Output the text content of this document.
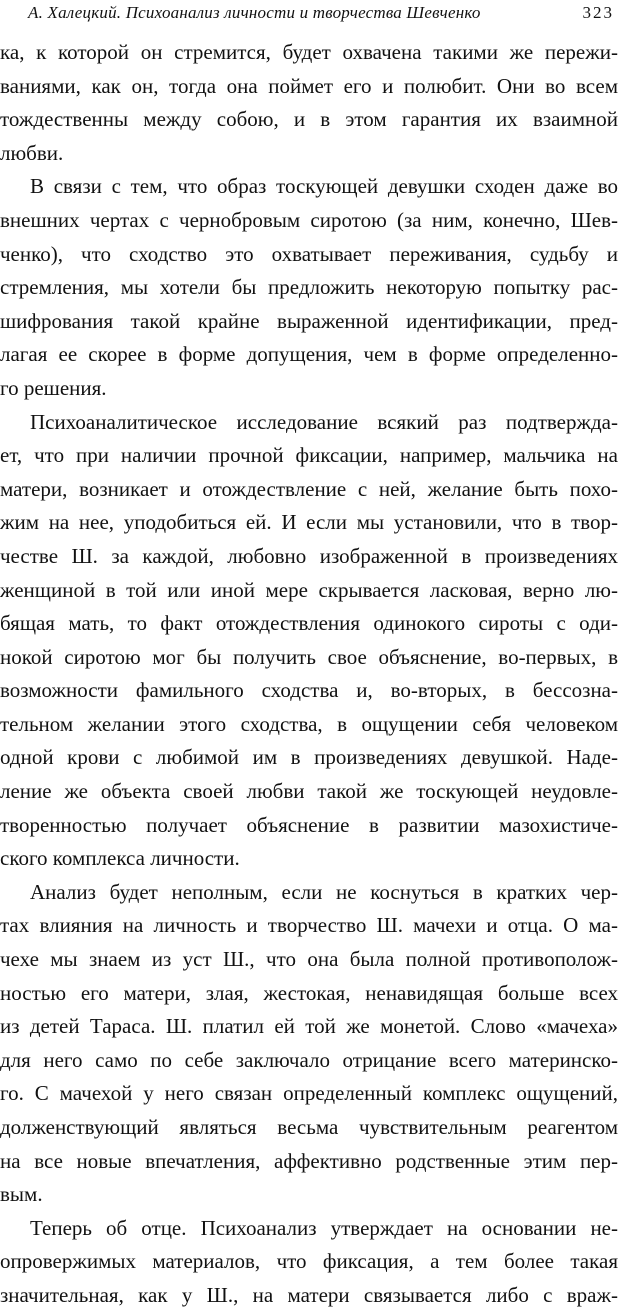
А. Халецкий. Психоанализ личности и творчества Шевченко	323
ка, к которой он стремится, будет охвачена такими же пережи-
ваниями, как он, тогда она поймет его и полюбит. Они во всем
тождественны между собою, и в этом гарантия их взаимной
любви.
В связи с тем, что образ тоскующей девушки сходен даже во
внешних чертах с чернобровым сиротою (за ним, конечно, Шев-
ченко), что сходство это охватывает переживания, судьбу и
стремления, мы хотели бы предложить некоторую попытку рас-
шифрования такой крайне выраженной идентификации, пред-
лагая ее скорее в форме допущения, чем в форме определенно-
го решения.
Психоаналитическое исследование всякий раз подтвержда-
ет, что при наличии прочной фиксации, например, мальчика на
матери, возникает и отождествление с ней, желание быть похо-
жим на нее, уподобиться ей. И если мы установили, что в твор-
честве Ш. за каждой, любовно изображенной в произведениях
женщиной в той или иной мере скрывается ласковая, верно лю-
бящая мать, то факт отождествления одинокого сироты с оди-
нокой сиротою мог бы получить свое объяснение, во-первых, в
возможности фамильного сходства и, во-вторых, в бессозна-
тельном желании этого сходства, в ощущении себя человеком
одной крови с любимой им в произведениях девушкой. Наде-
ление же объекта своей любви такой же тоскующей неудовле-
творенностью получает объяснение в развитии мазохистиче-
ского комплекса личности.
Анализ будет неполным, если не коснуться в кратких чер-
тах влияния на личность и творчество Ш. мачехи и отца. О ма-
чехе мы знаем из уст Ш., что она была полной противополож-
ностью его матери, злая, жестокая, ненавидящая больше всех
из детей Тараса. Ш. платил ей той же монетой. Слово «мачеха»
для него само по себе заключало отрицание всего материнско-
го. С мачехой у него связан определенный комплекс ощущений,
долженствующий являться весьма чувствительным реагентом
на все новые впечатления, аффективно родственные этим пер-
вым.
Теперь об отце. Психоанализ утверждает на основании не-
опровержимых материалов, что фиксация, а тем более такая
значительная, как у Ш., на матери связывается либо с враж-
